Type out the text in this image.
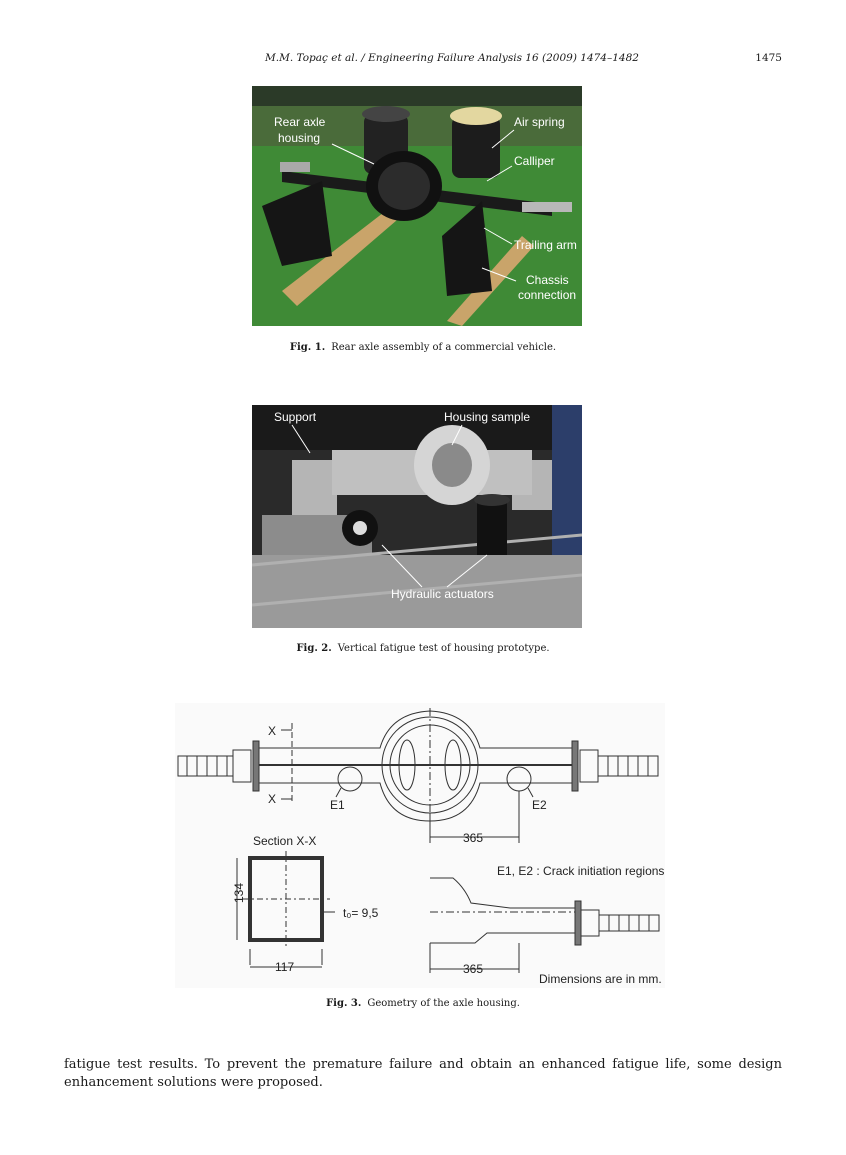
M.M. Topaç et al. / Engineering Failure Analysis 16 (2009) 1474–1482	1475
Rear axle
housing
Air spring
Calliper
Trailing arm
Chassis
connection
Fig. 1. Rear axle assembly of a commercial vehicle.
Support	Housing sample
Hydraulic actuators
Fig. 2. Vertical fatigue test of housing prototype.
X
X	E1	E2
365
Section X-X
134
t₀= 9,5
117
E1, E2 : Crack initiation regions
365
Dimensions are in mm.
Fig. 3. Geometry of the axle housing.

fatigue test results. To prevent the premature failure and obtain an enhanced fatigue life, some design enhancement solutions were proposed.
